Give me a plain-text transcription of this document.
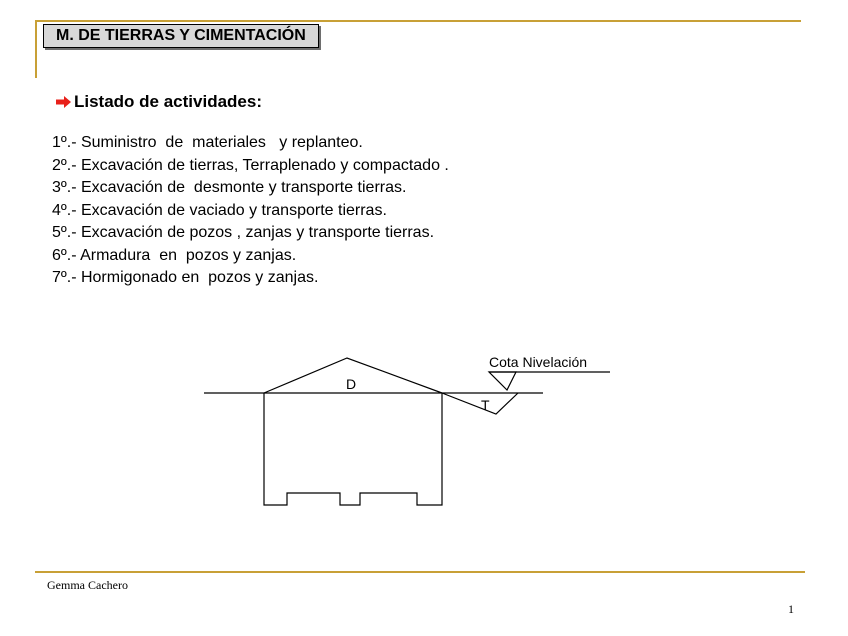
M. DE TIERRAS Y CIMENTACIÓN
Listado de actividades:
1º.- Suministro  de  materiales   y replanteo.
2º.- Excavación de tierras, Terraplenado y compactado .
3º.- Excavación de  desmonte y transporte tierras.
4º.- Excavación de vaciado y transporte tierras.
5º.- Excavación de pozos , zanjas y transporte tierras.
6º.- Armadura  en  pozos y zanjas.
7º.- Hormigonado en  pozos y zanjas.
D
T
Cota Nivelación
Gemma Cachero
1
